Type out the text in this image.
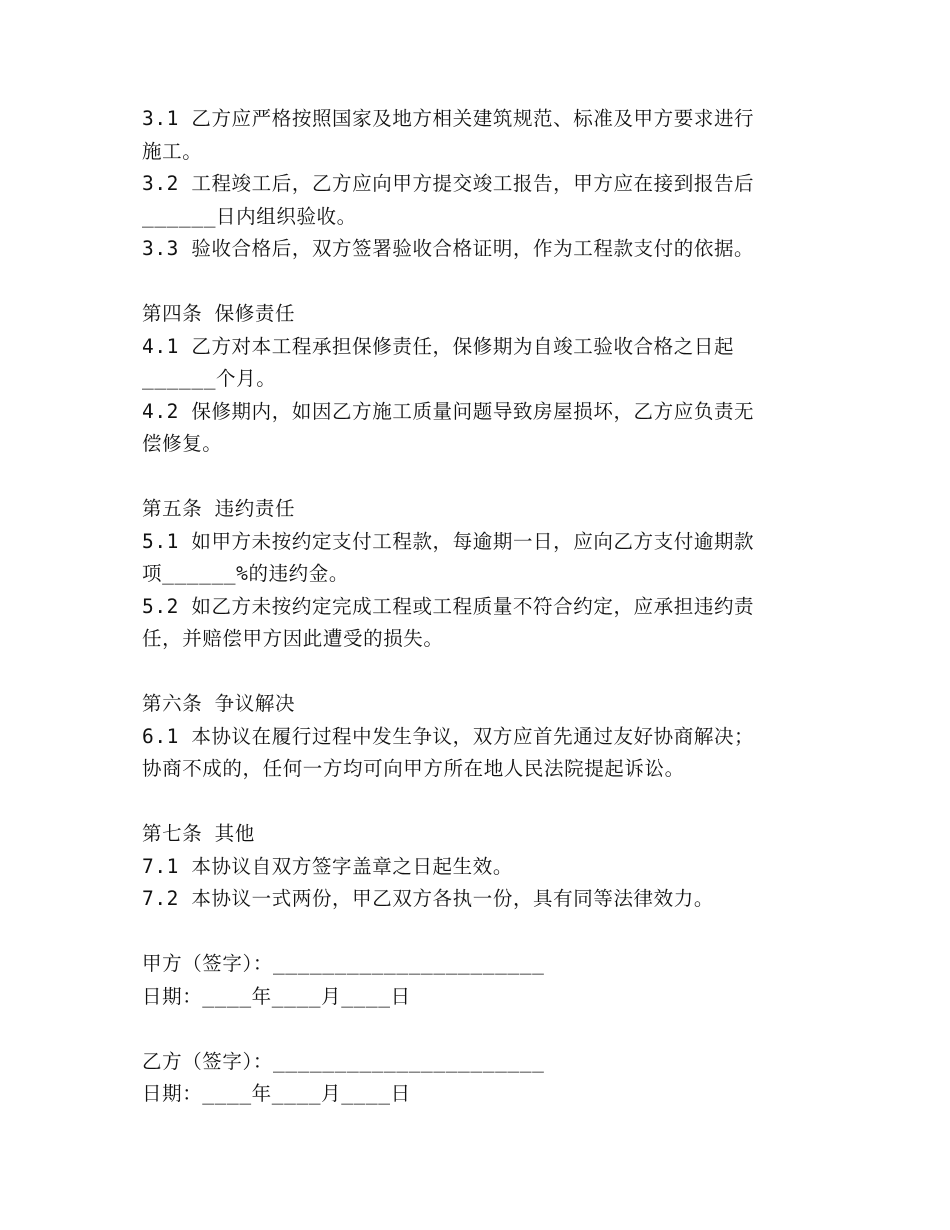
3.1 乙方应严格按照国家及地方相关建筑规范、标准及甲方要求进行
施工。
3.2 工程竣工后，乙方应向甲方提交竣工报告，甲方应在接到报告后
______日内组织验收。
3.3 验收合格后，双方签署验收合格证明，作为工程款支付的依据。
第四条 保修责任
4.1 乙方对本工程承担保修责任，保修期为自竣工验收合格之日起
______个月。
4.2 保修期内，如因乙方施工质量问题导致房屋损坏，乙方应负责无
偿修复。
第五条 违约责任
5.1 如甲方未按约定支付工程款，每逾期一日，应向乙方支付逾期款
项______%的违约金。
5.2 如乙方未按约定完成工程或工程质量不符合约定，应承担违约责
任，并赔偿甲方因此遭受的损失。
第六条 争议解决
6.1 本协议在履行过程中发生争议，双方应首先通过友好协商解决；
协商不成的，任何一方均可向甲方所在地人民法院提起诉讼。
第七条 其他
7.1 本协议自双方签字盖章之日起生效。
7.2 本协议一式两份，甲乙双方各执一份，具有同等法律效力。
甲方（签字）：______________________
日期：____年____月____日
乙方（签字）：______________________
日期：____年____月____日
